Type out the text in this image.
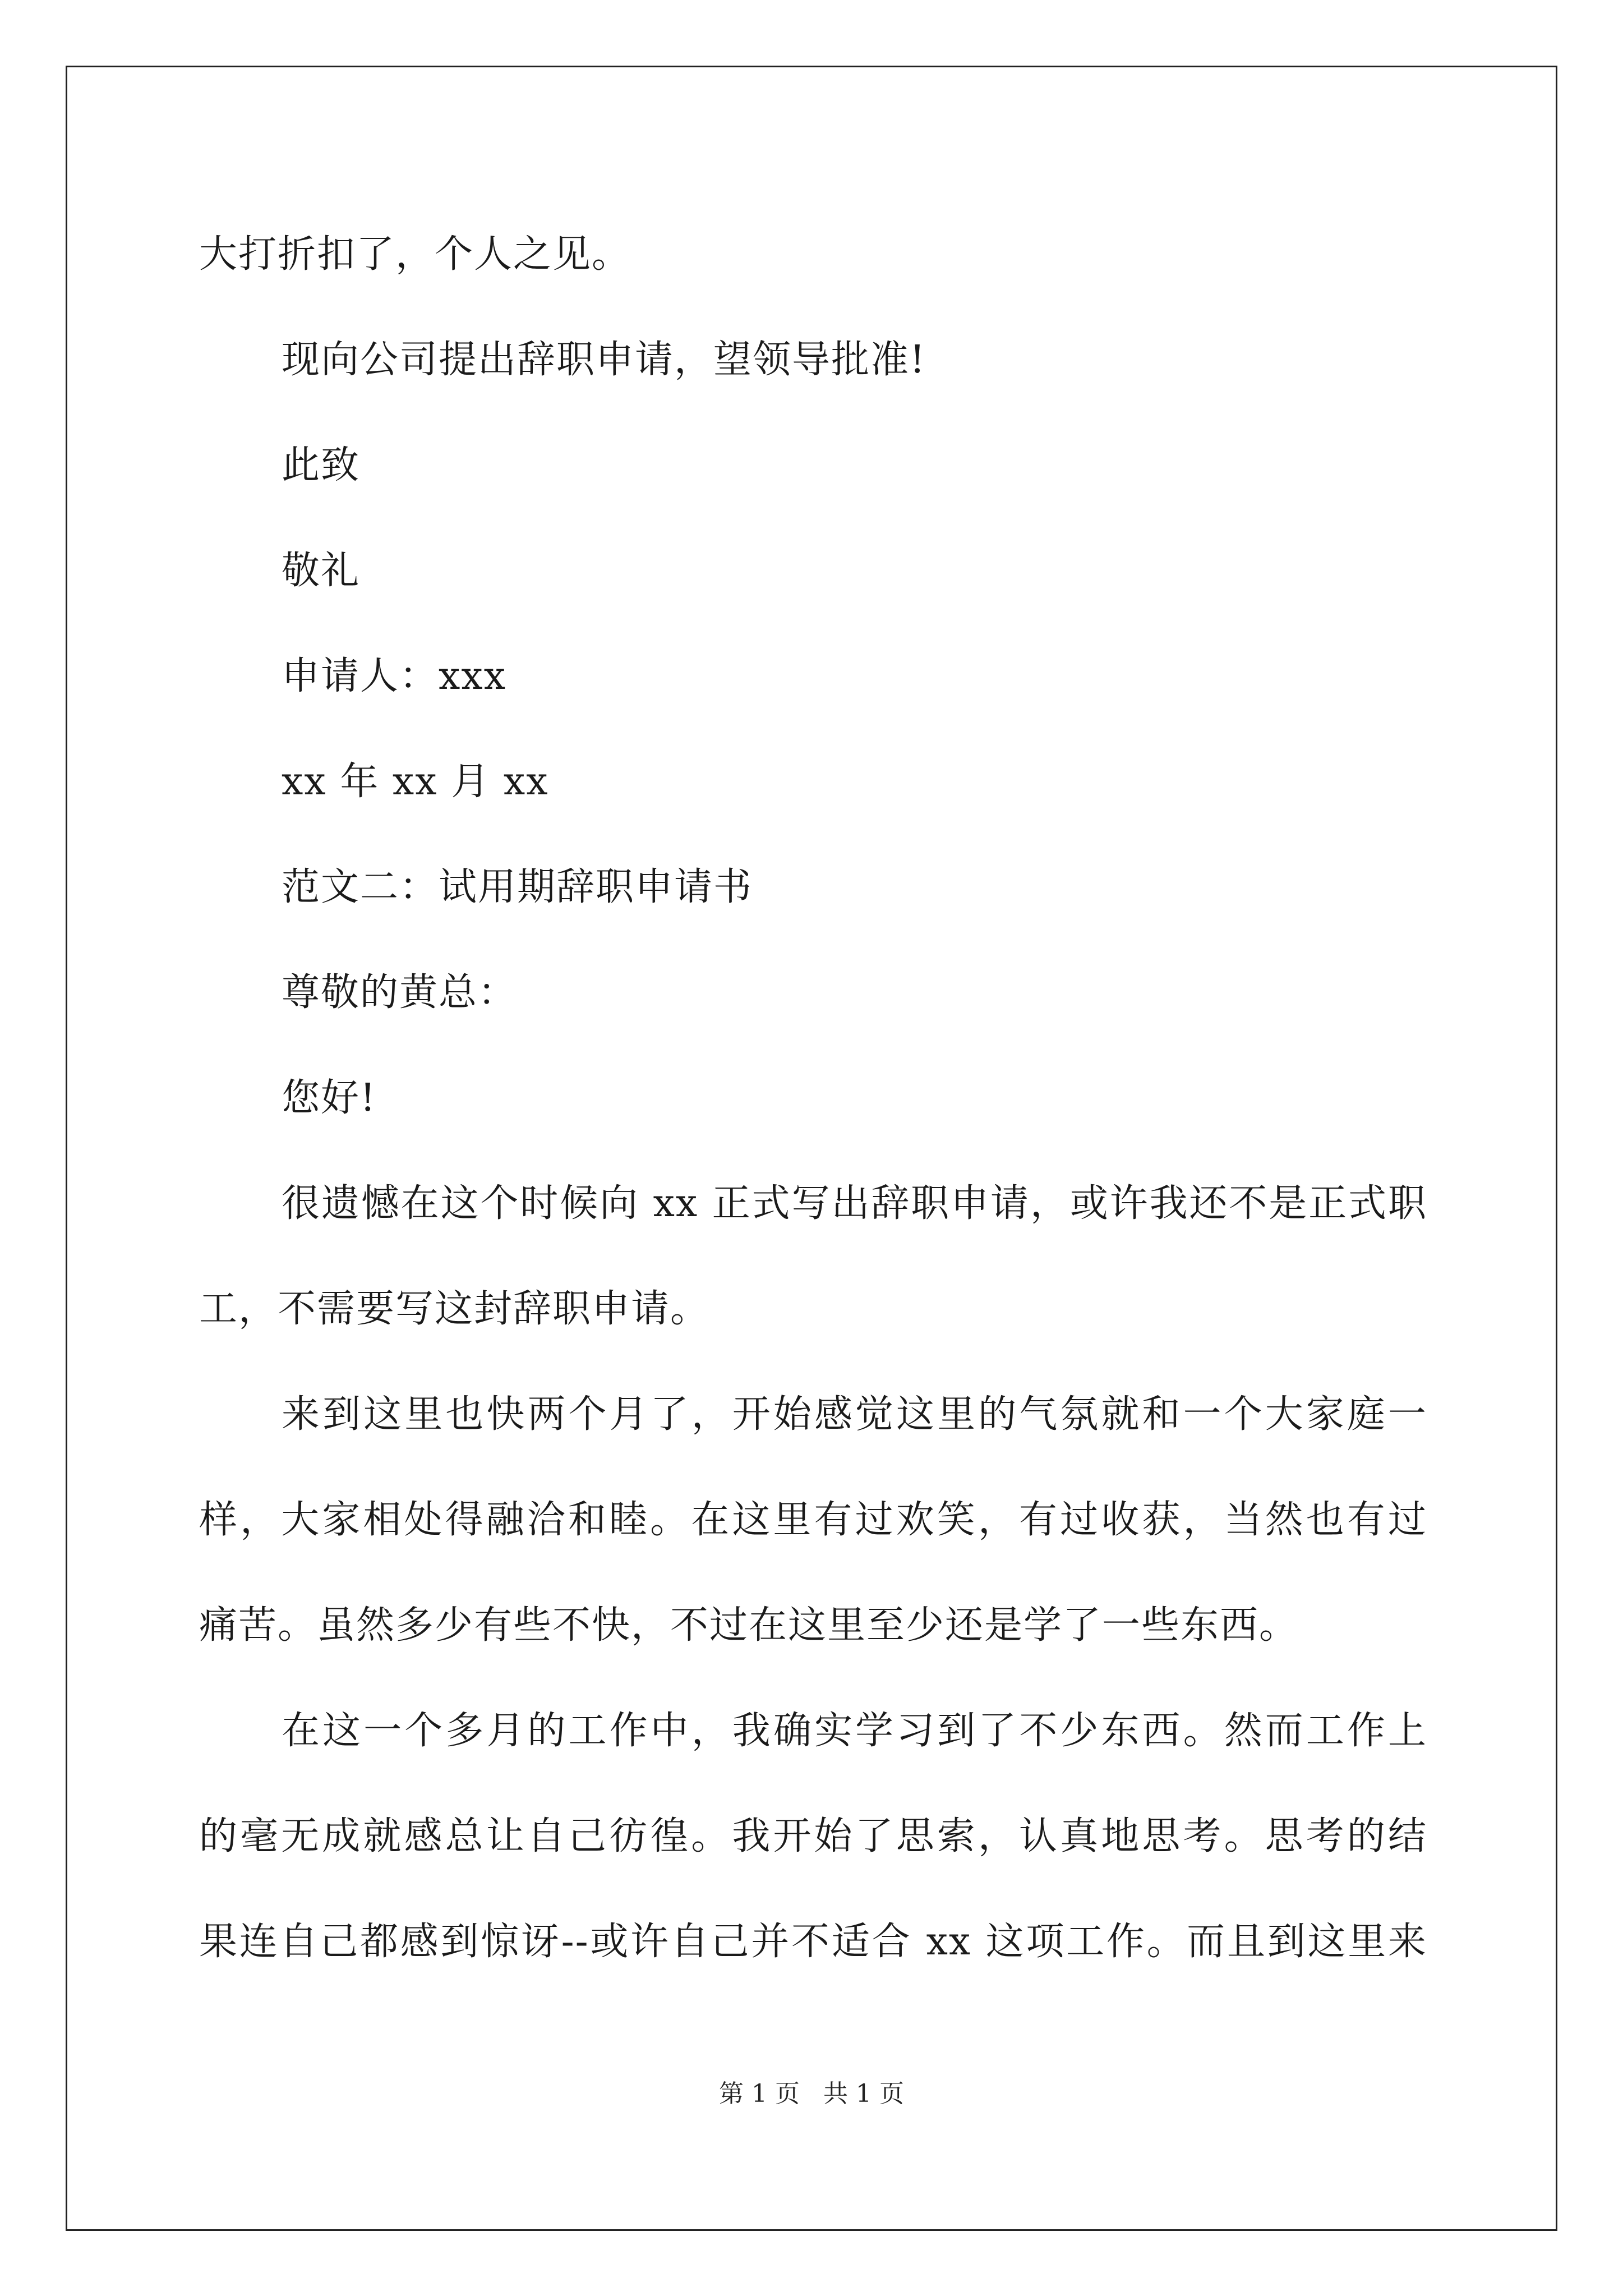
大打折扣了，个人之见。
现向公司提出辞职申请，望领导批准!
此致
敬礼
申请人：xxx
xx 年 xx 月 xx
范文二：试用期辞职申请书
尊敬的黄总：
您好!
很遗憾在这个时候向 xx 正式写出辞职申请，或许我还不是正式职
工，不需要写这封辞职申请。
来到这里也快两个月了，开始感觉这里的气氛就和一个大家庭一
样，大家相处得融洽和睦。在这里有过欢笑，有过收获，当然也有过
痛苦。虽然多少有些不快，不过在这里至少还是学了一些东西。
在这一个多月的工作中，我确实学习到了不少东西。然而工作上
的毫无成就感总让自己彷徨。我开始了思索，认真地思考。思考的结
果连自己都感到惊讶--或许自己并不适合 xx 这项工作。而且到这里来
第 1 页 共 1 页
